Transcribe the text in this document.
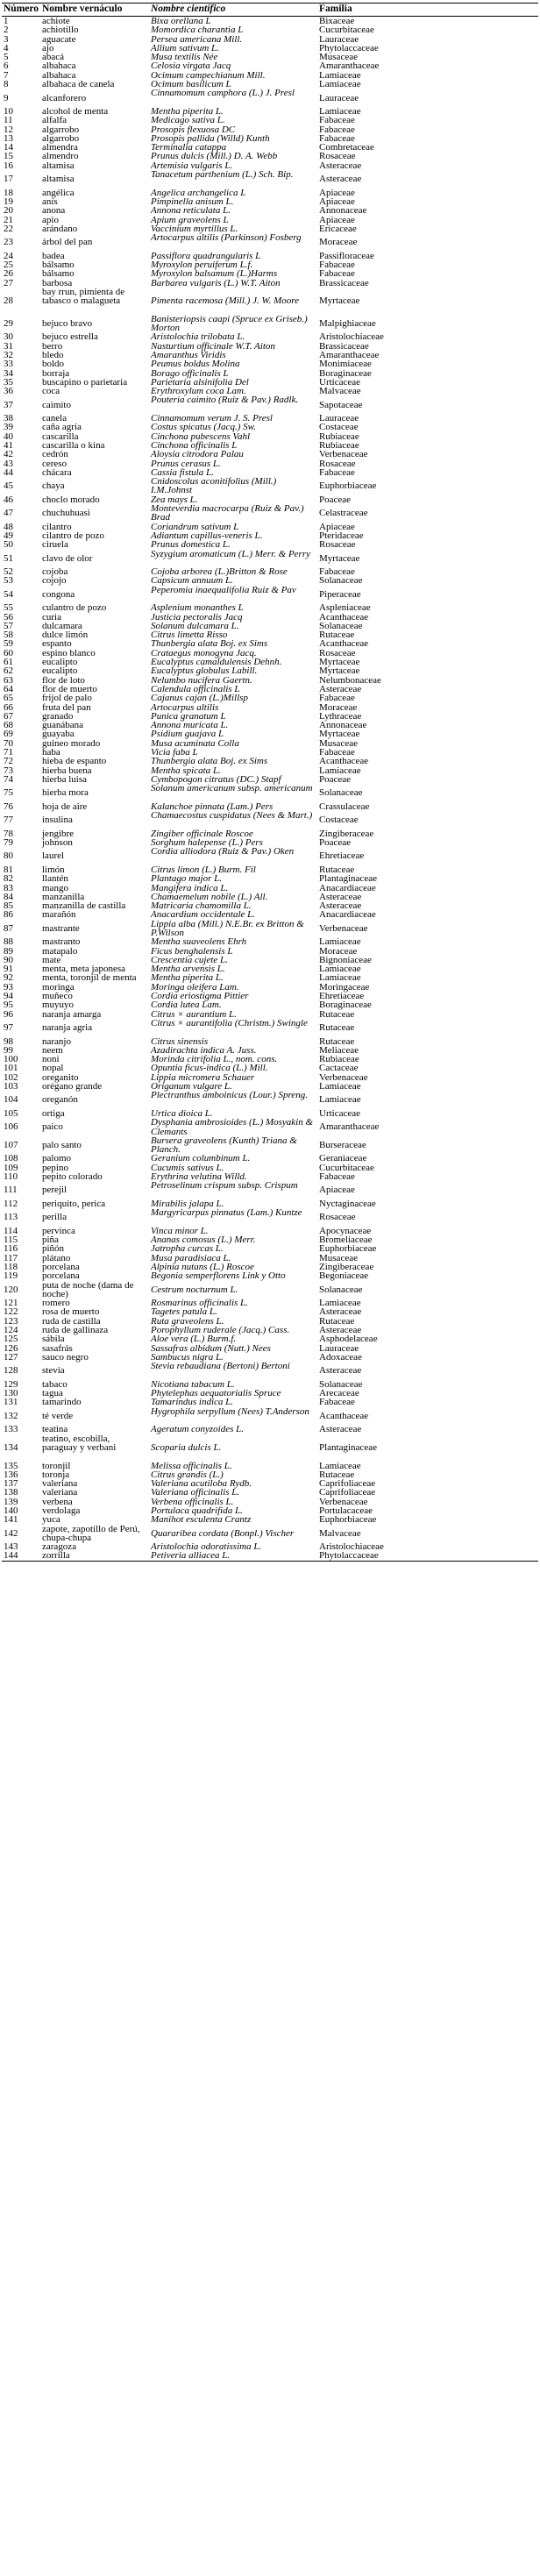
Número	Nombre vernáculo	Nombre científico	Familia
1	achiote	Bixa orellana L	Bixaceae
2	achiotillo	Momordica charantia L	Cucurbitaceae
3	aguacate	Persea americana Mill.	Lauraceae
4	ajo	Allium sativum L.	Phytolaccaceae
5	abacá	Musa textilis Née	Musaceae
6	albahaca	Celosia virgata Jacq	Amaranthaceae
7	albahaca	Ocimum campechianum Mill.	Lamiaceae
8	albahaca de canela	Ocimum basilicum L	Lamiaceae
9	alcanforero	Cinnamomum camphora (L.) J. Presl	Lauraceae
10	alcohol de menta	Mentha piperita L.	Lamiaceae
11	alfalfa	Medicago sativa L.	Fabaceae
12	algarrobo	Prosopis flexuosa DC	Fabaceae
13	algarrobo	Prosopis pallida (Willd) Kunth	Fabaceae
14	almendra	Terminalia catappa	Combretaceae
15	almendro	Prunus dulcis (Mill.) D. A. Webb	Rosaceae
16	altamisa	Artemisia vulgaris L.	Asteraceae
17	altamisa	Tanacetum parthenium (L.) Sch. Bip.	Asteraceae
18	angélica	Angelica archangelica L	Apiaceae
19	anís	Pimpinella anisum L.	Apiaceae
20	anona	Annona reticulata L.	Annonaceae
21	apio	Apium graveolens L	Apiaceae
22	arándano	Vaccinium myrtillus L.	Ericaceae
23	árbol del pan	Artocarpus altilis (Parkinson) Fosberg	Moraceae
24	badea	Passiflora quadrangularis L	Passifloraceae
25	bálsamo	Myroxylon peruiferum L.f.	Fabaceae
26	bálsamo	Myroxylon balsamum (L.)Harms	Fabaceae
27	barbosa	Barbarea vulgaris (L.) W.T. Aiton	Brassicaceae
28	bay rrun, pimienta de tabasco o malagueta	Pimenta racemosa (Mill.) J. W. Moore	Myrtaceae
29	bejuco bravo	Banisteriopsis caapi (Spruce ex Griseb.) Morton	Malpighiaceae
30	bejuco estrella	Aristolochia trilobata L.	Aristolochiaceae
31	berro	Nasturtium officinale W.T. Aiton	Brassicaceae
32	bledo	Amaranthus Viridis	Amaranthaceae
33	boldo	Peumus boldus Molina	Monimiaceae
34	borraja	Borago officinalis L	Boraginaceae
35	buscapino o parietaria	Parietaria alsinifolia Del	Urticaceae
36	coca	Erythroxylum coca Lam.	Malvaceae
37	caimito	Pouteria caimito (Ruiz & Pav.) Radlk.	Sapotaceae
38	canela	Cinnamomum verum J. S. Presl	Lauraceae
39	caña agria	Costus spicatus (Jacq.) Sw.	Costaceae
40	cascarilla	Cinchona pubescens Vahl	Rubiaceae
41	cascarilla o kina	Cinchona officinalis L	Rubiaceae
42	cedrón	Aloysia citrodora Palau	Verbenaceae
43	cereso	Prunus cerasus L.	Rosaceae
44	chácara	Cassia fistula L.	Fabaceae
45	chaya	Cnidoscolus aconitifolius (Mill.) I.M.Johnst	Euphorbiaceae
46	choclo morado	Zea mays L.	Poaceae
47	chuchuhuasi	Monteverdia macrocarpa (Ruiz & Pav.) Brad	Celastraceae
48	cilantro	Coriandrum sativum L	Apiaceae
49	cilantro de pozo	Adiantum capillus-veneris L.	Pteridaceae
50	ciruela	Prunus domestica L.	Rosaceae
51	clavo de olor	Syzygium aromaticum (L.) Merr. & Perry	Myrtaceae
52	cojoba	Cojoba arborea (L.)Britton & Rose	Fabaceae
53	cojojo	Capsicum annuum L.	Solanaceae
54	congona	Peperomia inaequalifolia Ruiz & Pav	Piperaceae
55	culantro de pozo	Asplenium monanthes L	Aspleniaceae
56	curia	Justicia pectoralis Jacq	Acanthaceae
57	dulcamara	Solanum dulcamara L.	Solanaceae
58	dulce limón	Citrus limetta Risso	Rutaceae
59	espanto	Thunbergia alata Boj. ex Sims	Acanthaceae
60	espino blanco	Crataegus monogyna Jacq.	Rosaceae
61	eucalipto	Eucalyptus camaldulensis Dehnh.	Myrtaceae
62	eucalipto	Eucalyptus globulus Labill.	Myrtaceae
63	flor de loto	Nelumbo nucifera Gaertn.	Nelumbonaceae
64	flor de muerto	Calendula officinalis L	Asteraceae
65	frijol de palo	Cajanus cajan (L.)Millsp	Fabaceae
66	fruta del pan	Artocarpus altilis	Moraceae
67	granado	Punica granatum L	Lythraceae
68	guanábana	Annona muricata L.	Annonaceae
69	guayaba	Psidium guajava L	Myrtaceae
70	guineo morado	Musa acuminata Colla	Musaceae
71	haba	Vicia faba L	Fabaceae
72	hieba de espanto	Thunbergia alata Boj. ex Sims	Acanthaceae
73	hierba buena	Mentha spicata L.	Lamiaceae
74	hierba luisa	Cymbopogon citratus (DC.) Stapf	Poaceae
75	hierba mora	Solanum americanum subsp. americanum	Solanaceae
76	hoja de aire	Kalanchoe pinnata (Lam.) Pers	Crassulaceae
77	insulina	Chamaecostus cuspidatus (Nees & Mart.)	Costaceae
78	jengibre	Zingiber officinale Roscoe	Zingiberaceae
79	johnson	Sorghum halepense (L.) Pers	Poaceae
80	laurel	Cordia alliodora (Ruiz & Pav.) Oken	Ehretiaceae
81	limón	Citrus limon (L.) Burm. Fil	Rutaceae
82	llantén	Plantago major L.	Plantaginaceae
83	mango	Mangifera indica L.	Anacardiaceae
84	manzanilla	Chamaemelum nobile (L.) All.	Asteraceae
85	manzanilla de castilla	Matricaria chamomilla L.	Asteraceae
86	marañón	Anacardium occidentale L.	Anacardiaceae
87	mastrante	Lippia alba (Mill.) N.E.Br. ex Britton & P.Wilson	Verbenaceae
88	mastranto	Mentha suaveolens Ehrh	Lamiaceae
89	matapalo	Ficus benghalensis L	Moraceae
90	mate	Crescentia cujete L.	Bignoniaceae
91	menta, meta japonesa	Mentha arvensis L.	Lamiaceae
92	menta, toronjil de menta	Mentha piperita L.	Lamiaceae
93	moringa	Moringa oleifera Lam.	Moringaceae
94	muñeco	Cordia eriostigma Pittier	Ehretiaceae
95	muyuyo	Cordia lutea Lam.	Boraginaceae
96	naranja amarga	Citrus × aurantium L.	Rutaceae
97	naranja agria	Citrus × aurantifolia (Christm.) Swingle	Rutaceae
98	naranjo	Citrus sinensis	Rutaceae
99	neem	Azadirachta indica A. Juss.	Meliaceae
100	noni	Morinda citrifolia L., nom. cons.	Rubiaceae
101	nopal	Opuntia ficus-indica (L.) Mill.	Cactaceae
102	oreganito	Lippia micromera Schauer	Verbenaceae
103	orégano grande	Origanum vulgare L.	Lamiaceae
104	oreganón	Plectranthus amboinicus (Lour.) Spreng.	Lamiaceae
105	ortiga	Urtica dioica L.	Urticaceae
106	paico	Dysphania ambrosioides (L.) Mosyakin & Clemants	Amaranthaceae
107	palo santo	Bursera graveolens (Kunth) Triana & Planch.	Burseraceae
108	palomo	Geranium columbinum L.	Geraniaceae
109	pepino	Cucumis sativus L.	Cucurbitaceae
110	pepito colorado	Erythrina velutina Willd.	Fabaceae
111	perejil	Petroselinum crispum subsp. Crispum	Apiaceae
112	periquito, perica	Mirabilis jalapa L.	Nyctaginaceae
113	perilla	Margyricarpus pinnatus (Lam.) Kuntze	Rosaceae
114	pervinca	Vinca minor L.	Apocynaceae
115	piña	Ananas comosus (L.) Merr.	Bromeliaceae
116	piñón	Jatropha curcas L.	Euphorbiaceae
117	plátano	Musa paradisiaca L.	Musaceae
118	porcelana	Alpinia nutans (L.) Roscoe	Zingiberaceae
119	porcelana	Begonia semperflorens Link y Otto	Begoniaceae
120	puta de noche (dama de noche)	Cestrum nocturnum L.	Solanaceae
121	romero	Rosmarinus officinalis L.	Lamiaceae
122	rosa de muerto	Tagetes patula L.	Asteraceae
123	ruda de castilla	Ruta graveolens L.	Rutaceae
124	ruda de gallinaza	Porophyllum ruderale (Jacq.) Cass.	Asteraceae
125	sábila	Aloe vera (L.) Burm.f.	Asphodelaceae
126	sasafrás	Sassafras albidum (Nutt.) Nees	Lauraceae
127	sauco negro	Sambucus nigra L.	Adoxaceae
128	stevia	Stevia rebaudiana (Bertoni) Bertoni	Asteraceae
129	tabaco	Nicotiana tabacum L.	Solanaceae
130	tagua	Phytelephas aequatorialis Spruce	Arecaceae
131	tamarindo	Tamarindus indica L.	Fabaceae
132	té verde	Hygrophila serpyllum (Nees) T.Anderson	Acanthaceae
133	teatina	Ageratum conyzoides L.	Asteraceae
134	teatino, escobilla, paraguay y verbani	Scoparia dulcis L.	Plantaginaceae
135	toronjil	Melissa officinalis L.	Lamiaceae
136	toronja	Citrus grandis (L.)	Rutaceae
137	valeriana	Valeriana acutiloba Rydb.	Caprifoliaceae
138	valeriana	Valeriana officinalis L.	Caprifoliaceae
139	verbena	Verbena officinalis L.	Verbenaceae
140	verdolaga	Portulaca quadrifida L.	Portulacaceae
141	yuca	Manihot esculenta Crantz	Euphorbiaceae
142	zapote, zapotillo de Perú, chupa-chupa	Quararibea cordata (Bonpl.) Vischer	Malvaceae
143	zaragoza	Aristolochia odoratissima L.	Aristolochiaceae
144	zorrilla	Petiveria alliacea L.	Phytolaccaceae
